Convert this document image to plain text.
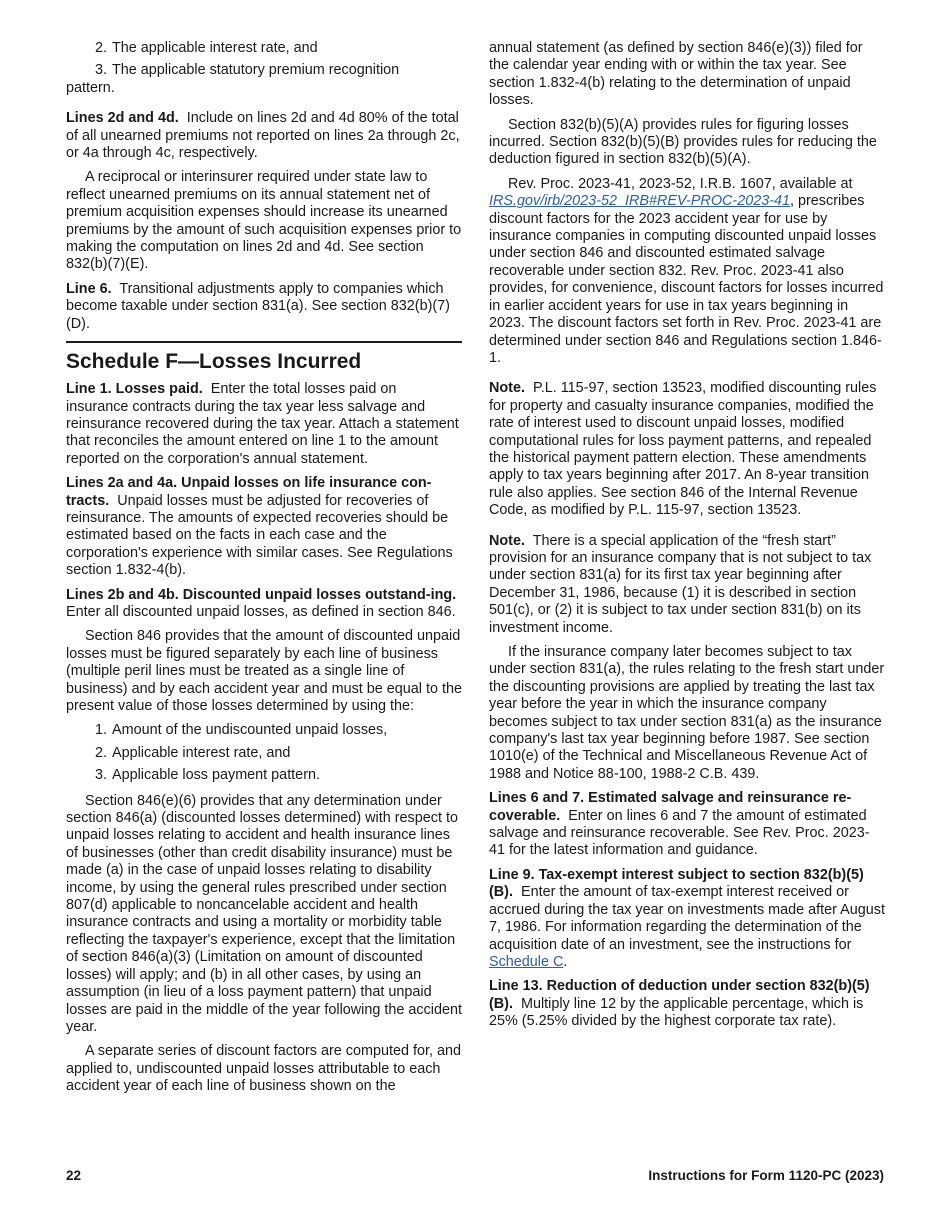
2. The applicable interest rate, and
3. The applicable statutory premium recognition
pattern.

Lines 2d and 4d. Include on lines 2d and 4d 80% of the total of all unearned premiums not reported on lines 2a through 2c, or 4a through 4c, respectively.

A reciprocal or interinsurer required under state law to reflect unearned premiums on its annual statement net of premium acquisition expenses should increase its unearned premiums by the amount of such acquisition expenses prior to making the computation on lines 2d and 4d. See section 832(b)(7)(E).

Line 6. Transitional adjustments apply to companies which become taxable under section 831(a). See section 832(b)(7)(D).

Schedule F—Losses Incurred

Line 1. Losses paid. Enter the total losses paid on insurance contracts during the tax year less salvage and reinsurance recovered during the tax year. Attach a statement that reconciles the amount entered on line 1 to the amount reported on the corporation's annual statement.

Lines 2a and 4a. Unpaid losses on life insurance con-tracts. Unpaid losses must be adjusted for recoveries of reinsurance. The amounts of expected recoveries should be estimated based on the facts in each case and the corporation's experience with similar cases. See Regulations section 1.832-4(b).

Lines 2b and 4b. Discounted unpaid losses outstand-ing.  Enter all discounted unpaid losses, as defined in section 846.

Section 846 provides that the amount of discounted unpaid losses must be figured separately by each line of business (multiple peril lines must be treated as a single line of business) and by each accident year and must be equal to the present value of those losses determined by using the:

1. Amount of the undiscounted unpaid losses,
2. Applicable interest rate, and
3. Applicable loss payment pattern.

Section 846(e)(6) provides that any determination under section 846(a) (discounted losses determined) with respect to unpaid losses relating to accident and health insurance lines of businesses (other than credit disability insurance) must be made (a) in the case of unpaid losses relating to disability income, by using the general rules prescribed under section 807(d) applicable to noncancelable accident and health insurance contracts and using a mortality or morbidity table reflecting the taxpayer's experience, except that the limitation of section 846(a)(3) (Limitation on amount of discounted losses) will apply; and (b) in all other cases, by using an assumption (in lieu of a loss payment pattern) that unpaid losses are paid in the middle of the year following the accident year.

A separate series of discount factors are computed for, and applied to, undiscounted unpaid losses attributable to each accident year of each line of business shown on the

annual statement (as defined by section 846(e)(3)) filed for the calendar year ending with or within the tax year. See section 1.832-4(b) relating to the determination of unpaid losses.

Section 832(b)(5)(A) provides rules for figuring losses incurred. Section 832(b)(5)(B) provides rules for reducing the deduction figured in section 832(b)(5)(A).

Rev. Proc. 2023-41, 2023-52, I.R.B. 1607, available at IRS.gov/irb/2023-52_IRB#REV-PROC-2023-41, prescribes discount factors for the 2023 accident year for use by insurance companies in computing discounted unpaid losses under section 846 and discounted estimated salvage recoverable under section 832. Rev. Proc. 2023-41 also provides, for convenience, discount factors for losses incurred in earlier accident years for use in tax years beginning in 2023. The discount factors set forth in Rev. Proc. 2023-41 are determined under section 846 and Regulations section 1.846-1.

Note. P.L. 115-97, section 13523, modified discounting rules for property and casualty insurance companies, modified the rate of interest used to discount unpaid losses, modified computational rules for loss payment patterns, and repealed the historical payment pattern election. These amendments apply to tax years beginning after 2017. An 8-year transition rule also applies. See section 846 of the Internal Revenue Code, as modified by P.L. 115-97, section 13523.

Note. There is a special application of the “fresh start” provision for an insurance company that is not subject to tax under section 831(a) for its first tax year beginning after December 31, 1986, because (1) it is described in section 501(c), or (2) it is subject to tax under section 831(b) on its investment income.

If the insurance company later becomes subject to tax under section 831(a), the rules relating to the fresh start under the discounting provisions are applied by treating the last tax year before the year in which the insurance company becomes subject to tax under section 831(a) as the insurance company's last tax year beginning before 1987. See section 1010(e) of the Technical and Miscellaneous Revenue Act of 1988 and Notice 88-100, 1988-2 C.B. 439.

Lines 6 and 7. Estimated salvage and reinsurance re-coverable. Enter on lines 6 and 7 the amount of estimated salvage and reinsurance recoverable. See Rev. Proc. 2023-41 for the latest information and guidance.

Line 9. Tax-exempt interest subject to section 832(b)(5)(B). Enter the amount of tax-exempt interest received or accrued during the tax year on investments made after August 7, 1986. For information regarding the determination of the acquisition date of an investment, see the instructions for Schedule C.

Line 13. Reduction of deduction under section 832(b)(5)(B). Multiply line 12 by the applicable percentage, which is 25% (5.25% divided by the highest corporate tax rate).

22	Instructions for Form 1120-PC (2023)
